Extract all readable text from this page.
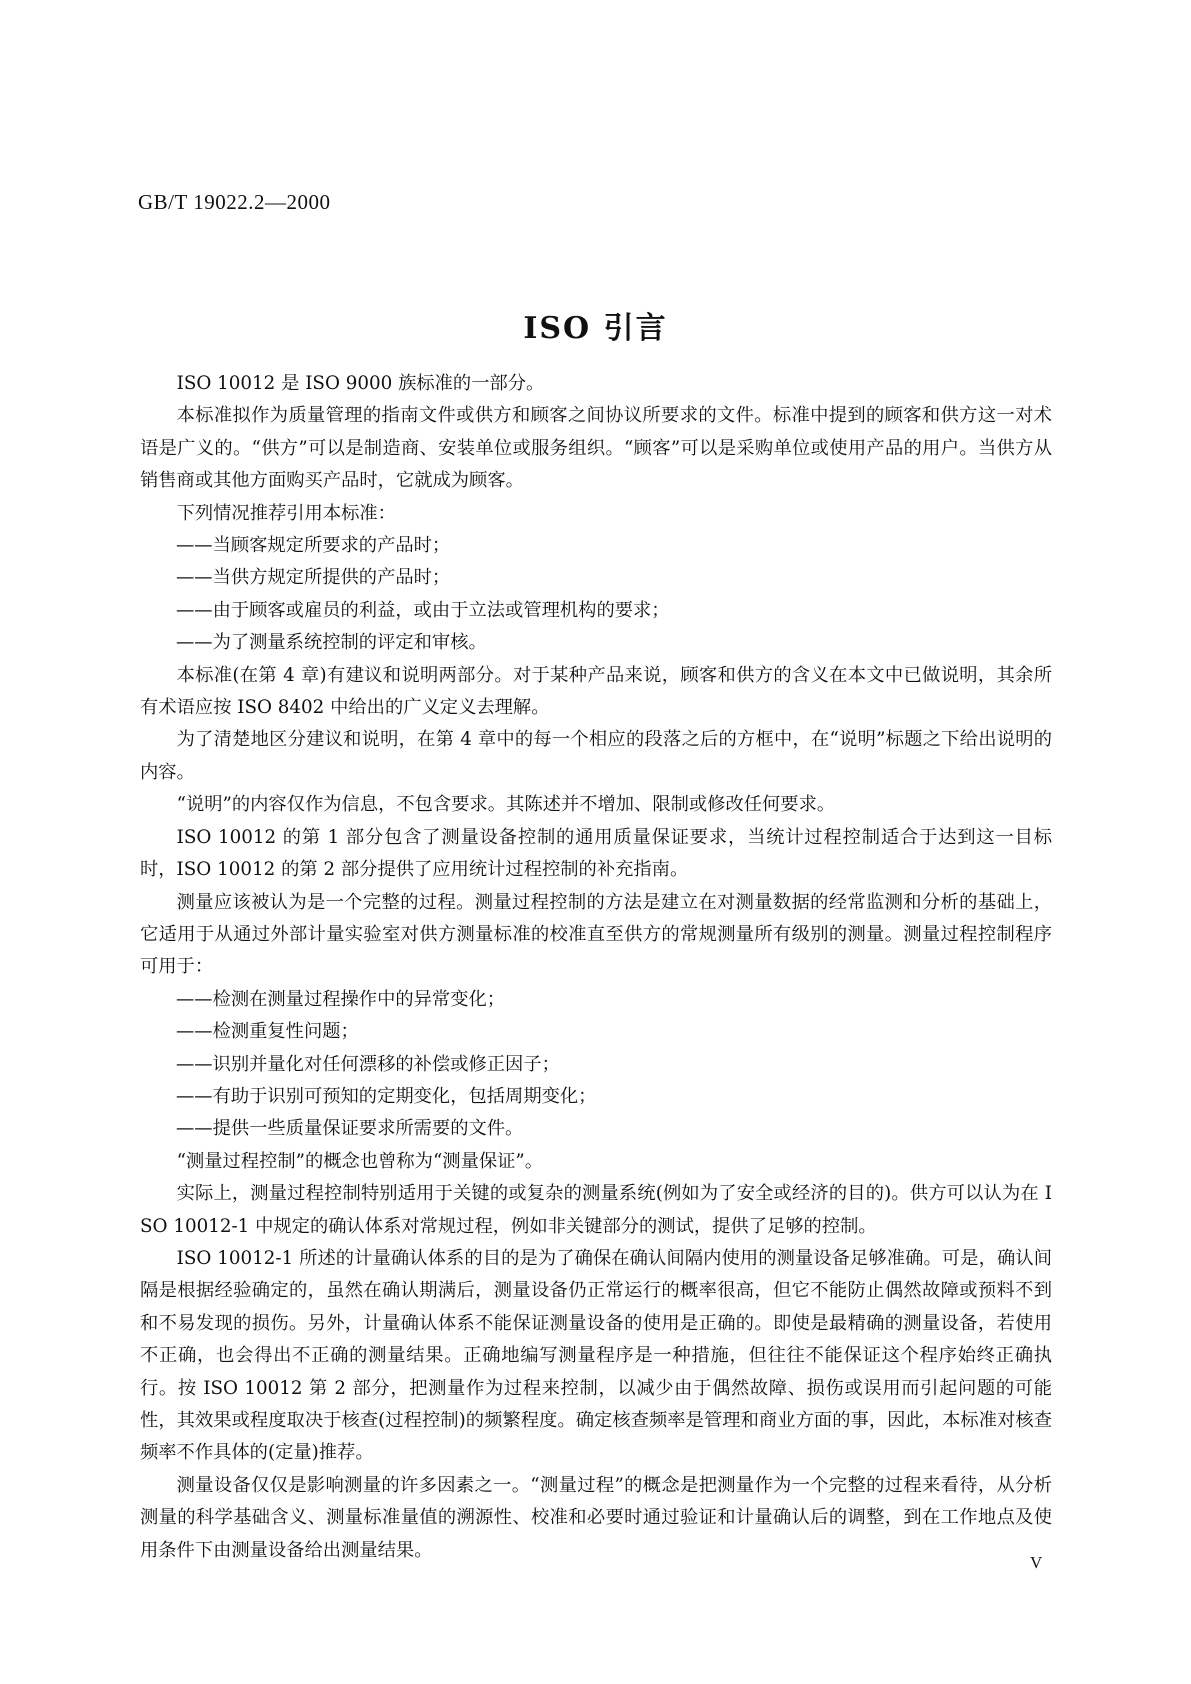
GB/T 19022.2—2000

ISO 引言

ISO 10012 是 ISO 9000 族标准的一部分。

本标准拟作为质量管理的指南文件或供方和顾客之间协议所要求的文件。标准中提到的顾客和供方这一对术语是广义的。“供方”可以是制造商、安装单位或服务组织。“顾客”可以是采购单位或使用产品的用户。当供方从销售商或其他方面购买产品时，它就成为顾客。

下列情况推荐引用本标准：

——当顾客规定所要求的产品时；

——当供方规定所提供的产品时；

——由于顾客或雇员的利益，或由于立法或管理机构的要求；

——为了测量系统控制的评定和审核。

本标准(在第 4 章)有建议和说明两部分。对于某种产品来说，顾客和供方的含义在本文中已做说明，其余所有术语应按 ISO 8402 中给出的广义定义去理解。

为了清楚地区分建议和说明，在第 4 章中的每一个相应的段落之后的方框中，在“说明”标题之下给出说明的内容。

“说明”的内容仅作为信息，不包含要求。其陈述并不增加、限制或修改任何要求。

ISO 10012 的第 1 部分包含了测量设备控制的通用质量保证要求，当统计过程控制适合于达到这一目标时，ISO 10012 的第 2 部分提供了应用统计过程控制的补充指南。

测量应该被认为是一个完整的过程。测量过程控制的方法是建立在对测量数据的经常监测和分析的基础上，它适用于从通过外部计量实验室对供方测量标准的校准直至供方的常规测量所有级别的测量。测量过程控制程序可用于：

——检测在测量过程操作中的异常变化；

——检测重复性问题；

——识别并量化对任何漂移的补偿或修正因子；

——有助于识别可预知的定期变化，包括周期变化；

——提供一些质量保证要求所需要的文件。

“测量过程控制”的概念也曾称为“测量保证”。

实际上，测量过程控制特别适用于关键的或复杂的测量系统(例如为了安全或经济的目的)。供方可以认为在 ISO 10012-1 中规定的确认体系对常规过程，例如非关键部分的测试，提供了足够的控制。

ISO 10012-1 所述的计量确认体系的目的是为了确保在确认间隔内使用的测量设备足够准确。可是，确认间隔是根据经验确定的，虽然在确认期满后，测量设备仍正常运行的概率很高，但它不能防止偶然故障或预料不到和不易发现的损伤。另外，计量确认体系不能保证测量设备的使用是正确的。即使是最精确的测量设备，若使用不正确，也会得出不正确的测量结果。正确地编写测量程序是一种措施，但往往不能保证这个程序始终正确执行。按 ISO 10012 第 2 部分，把测量作为过程来控制，以减少由于偶然故障、损伤或误用而引起问题的可能性，其效果或程度取决于核查(过程控制)的频繁程度。确定核查频率是管理和商业方面的事，因此，本标准对核查频率不作具体的(定量)推荐。

测量设备仅仅是影响测量的许多因素之一。“测量过程”的概念是把测量作为一个完整的过程来看待，从分析测量的科学基础含义、测量标准量值的溯源性、校准和必要时通过验证和计量确认后的调整，到在工作地点及使用条件下由测量设备给出测量结果。

V
